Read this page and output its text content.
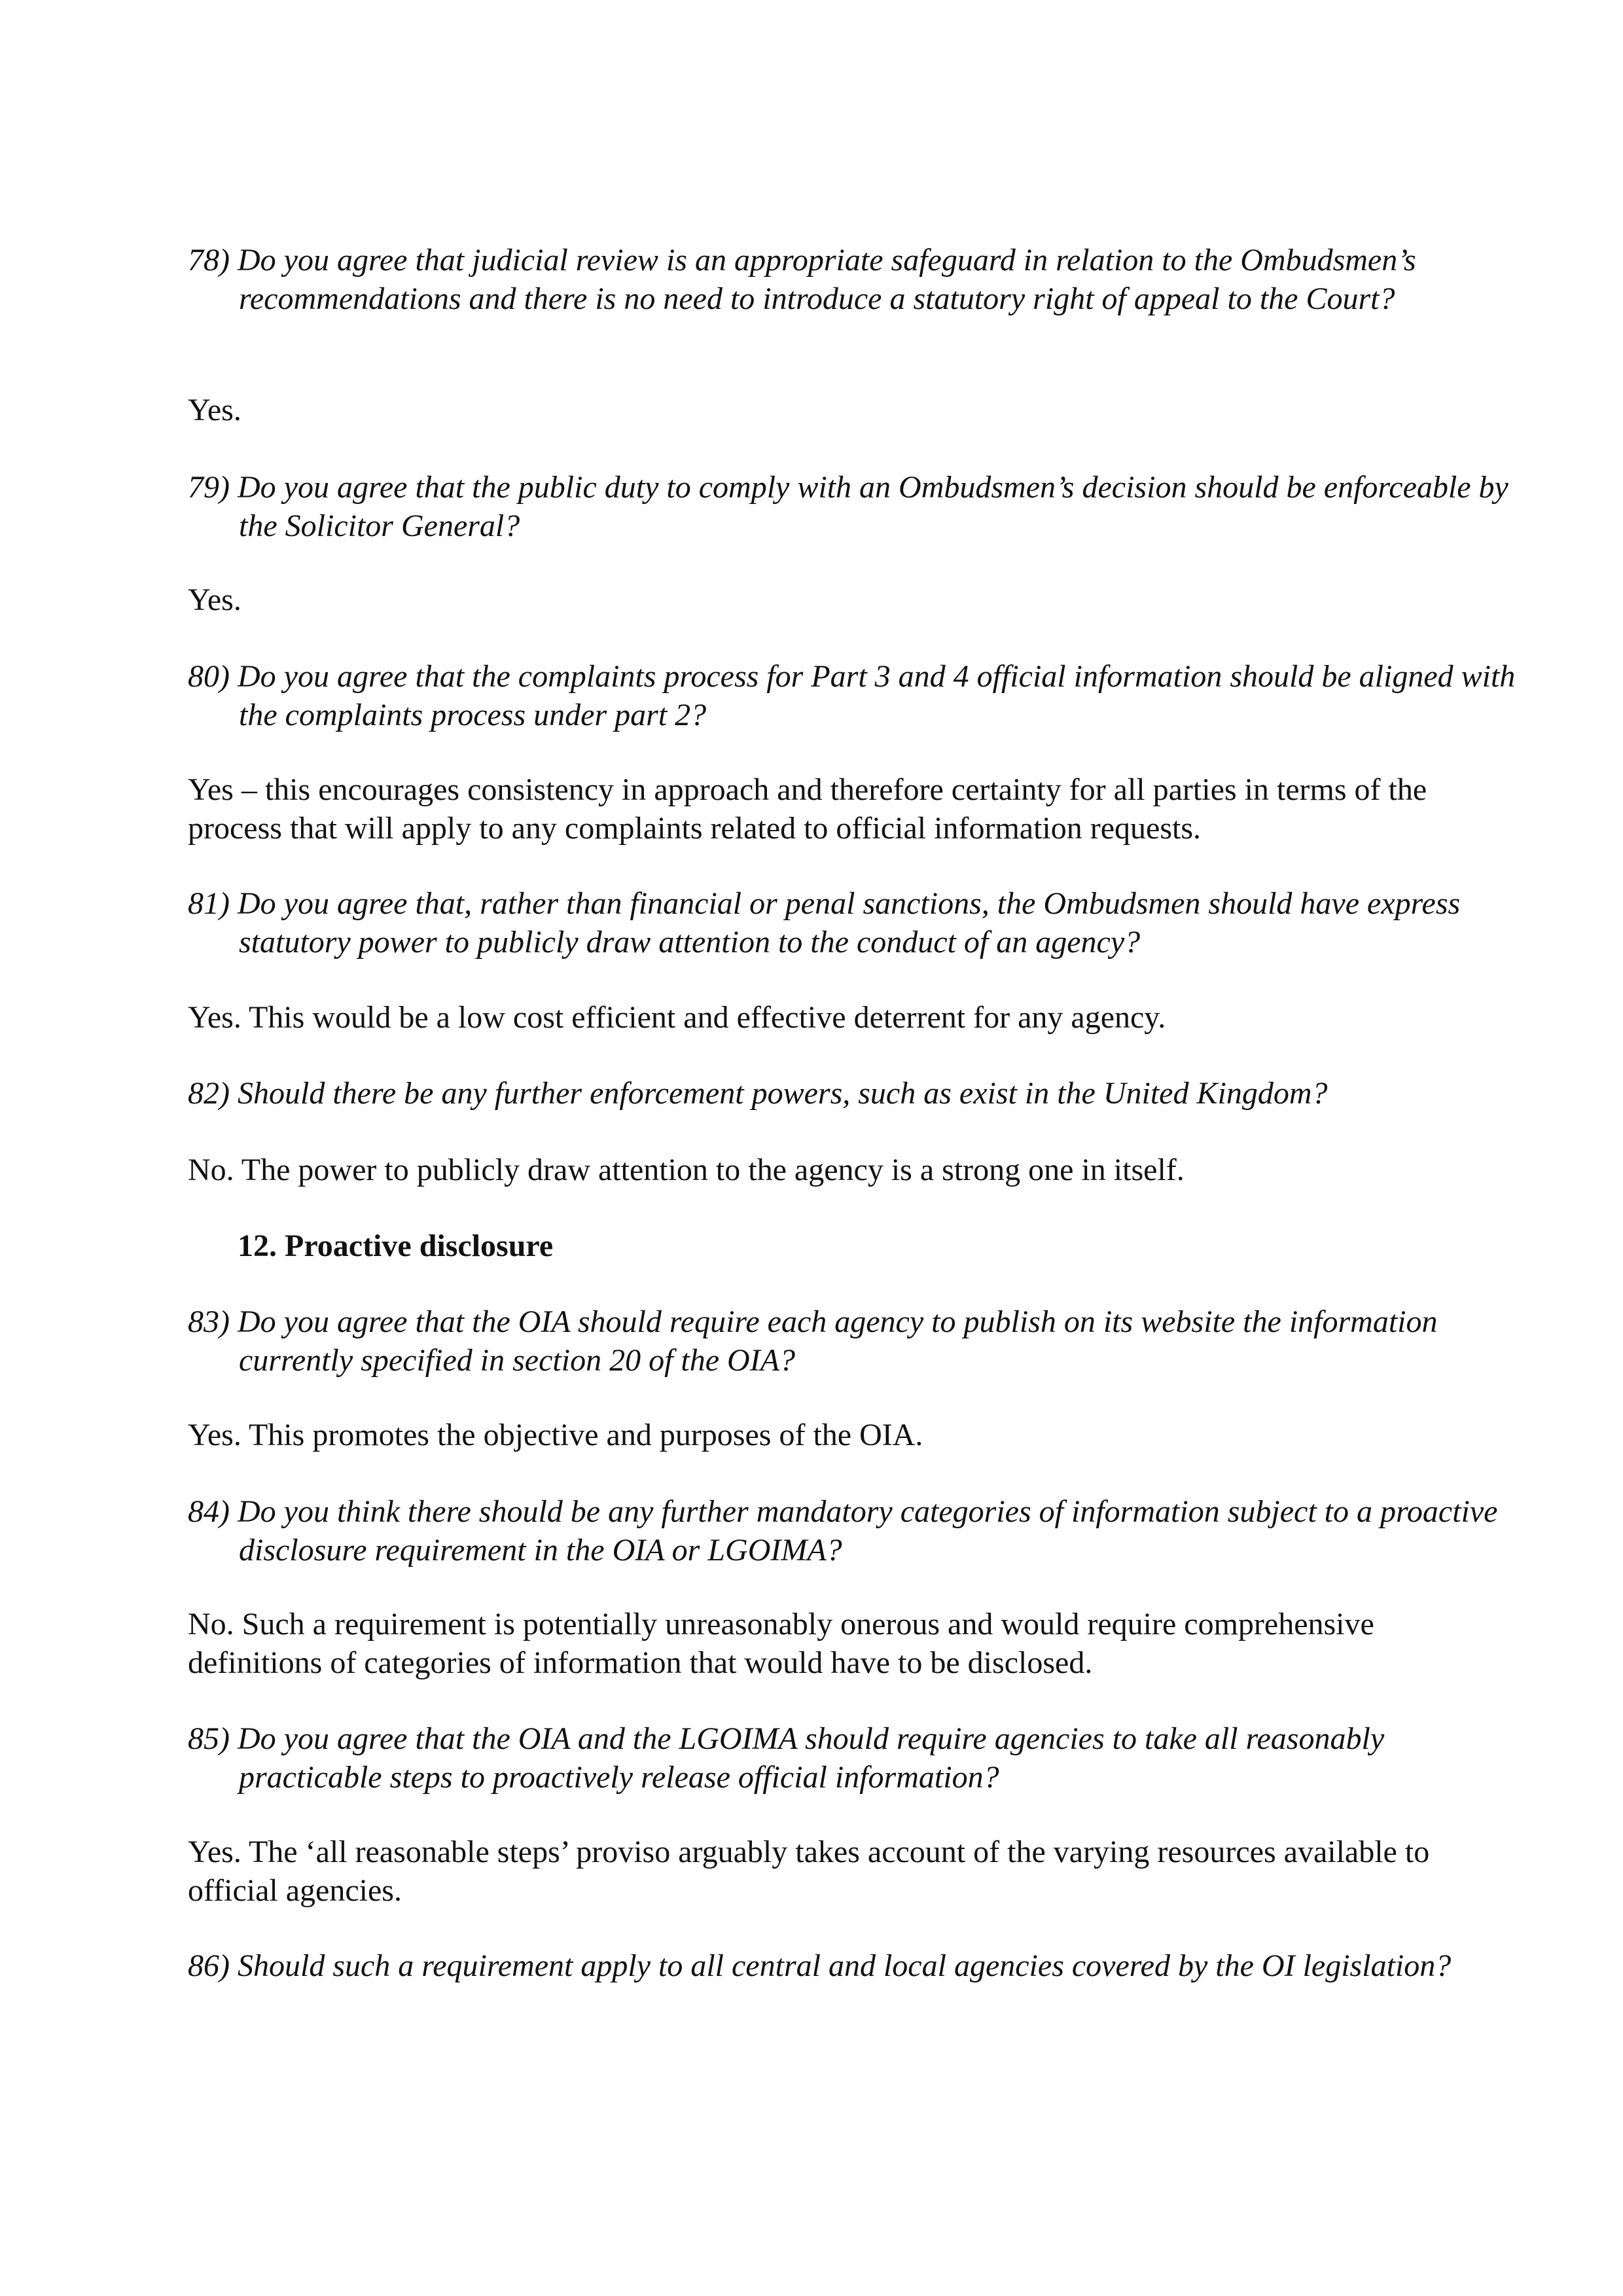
78) Do you agree that judicial review is an appropriate safeguard in relation to the Ombudsmen’s recommendations and there is no need to introduce a statutory right of appeal to the Court?

Yes.

79) Do you agree that the public duty to comply with an Ombudsmen’s decision should be enforceable by the Solicitor General?

Yes.

80) Do you agree that the complaints process for Part 3 and 4 official information should be aligned with the complaints process under part 2?

Yes – this encourages consistency in approach and therefore certainty for all parties in terms of the process that will apply to any complaints related to official information requests.

81) Do you agree that, rather than financial or penal sanctions, the Ombudsmen should have express statutory power to publicly draw attention to the conduct of an agency?

Yes. This would be a low cost efficient and effective deterrent for any agency.

82) Should there be any further enforcement powers, such as exist in the United Kingdom?

No. The power to publicly draw attention to the agency is a strong one in itself.

12. Proactive disclosure

83) Do you agree that the OIA should require each agency to publish on its website the information currently specified in section 20 of the OIA?

Yes. This promotes the objective and purposes of the OIA.

84) Do you think there should be any further mandatory categories of information subject to a proactive disclosure requirement in the OIA or LGOIMA?

No. Such a requirement is potentially unreasonably onerous and would require comprehensive definitions of categories of information that would have to be disclosed.

85) Do you agree that the OIA and the LGOIMA should require agencies to take all reasonably practicable steps to proactively release official information?

Yes. The ‘all reasonable steps’ proviso arguably takes account of the varying resources available to official agencies.

86) Should such a requirement apply to all central and local agencies covered by the OI legislation?
